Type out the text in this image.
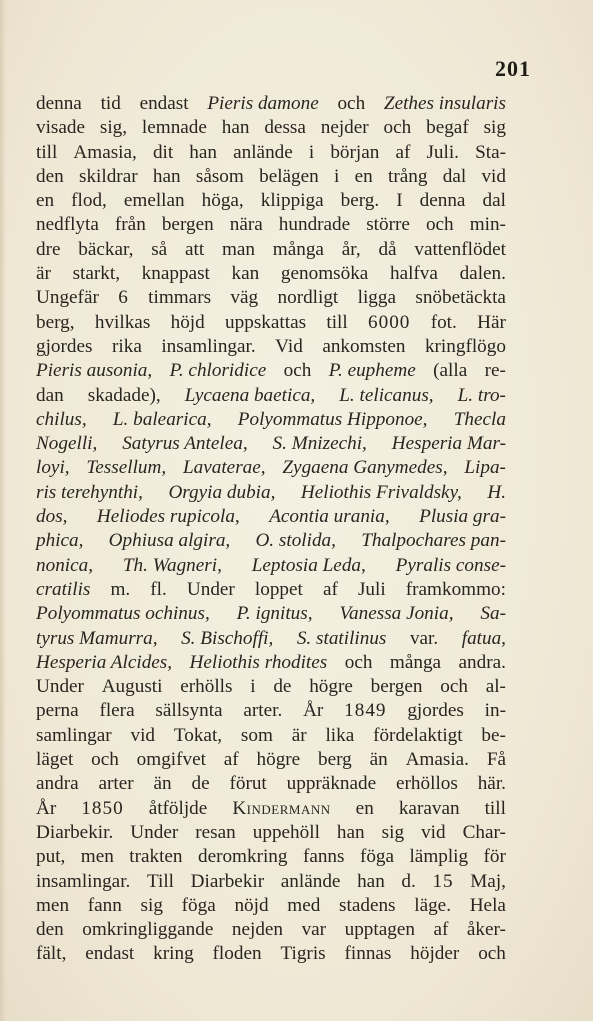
201
denna tid endast Pieris damone och Zethes insularis
visade sig, lemnade han dessa nejder och begaf sig
till Amasia, dit han anlände i början af Juli. Sta-
den skildrar han såsom belägen i en trång dal vid
en flod, emellan höga, klippiga berg. I denna dal
nedflyta från bergen nära hundrade större och min-
dre bäckar, så att man många år, då vattenflödet
är starkt, knappast kan genomsöka halfva dalen.
Ungefär 6 timmars väg nordligt ligga snöbetäckta
berg, hvilkas höjd uppskattas till 6000 fot. Här
gjordes rika insamlingar. Vid ankomsten kringflögo
Pieris ausonia, P. chloridice och P. eupheme (alla re-
dan skadade), Lycaena baetica, L. telicanus, L. tro-
chilus, L. balearica, Polyommatus Hipponoe, Thecla
Nogelli, Satyrus Antelea, S. Mnizechi, Hesperia Mar-
loyi, Tessellum, Lavaterae, Zygaena Ganymedes, Lipa-
ris terehynthi, Orgyia dubia, Heliothis Frivaldsky, H.
dos, Heliodes rupicola, Acontia urania, Plusia gra-
phica, Ophiusa algira, O. stolida, Thalpochares pan-
nonica, Th. Wagneri, Leptosia Leda, Pyralis conse-
cratilis m. fl. Under loppet af Juli framkommo:
Polyommatus ochinus, P. ignitus, Vanessa Jonia, Sa-
tyrus Mamurra, S. Bischoffi, S. statilinus var. fatua,
Hesperia Alcides, Heliothis rhodites och många andra.
Under Augusti erhölls i de högre bergen och al-
perna flera sällsynta arter. År 1849 gjordes in-
samlingar vid Tokat, som är lika fördelaktigt be-
läget och omgifvet af högre berg än Amasia. Få
andra arter än de förut uppräknade erhöllos här.
År 1850 åtföljde Kindermann en karavan till
Diarbekir. Under resan uppehöll han sig vid Char-
put, men trakten deromkring fanns föga lämplig för
insamlingar. Till Diarbekir anlände han d. 15 Maj,
men fann sig föga nöjd med stadens läge. Hela
den omkringliggande nejden var upptagen af åker-
fält, endast kring floden Tigris finnas höjder och
